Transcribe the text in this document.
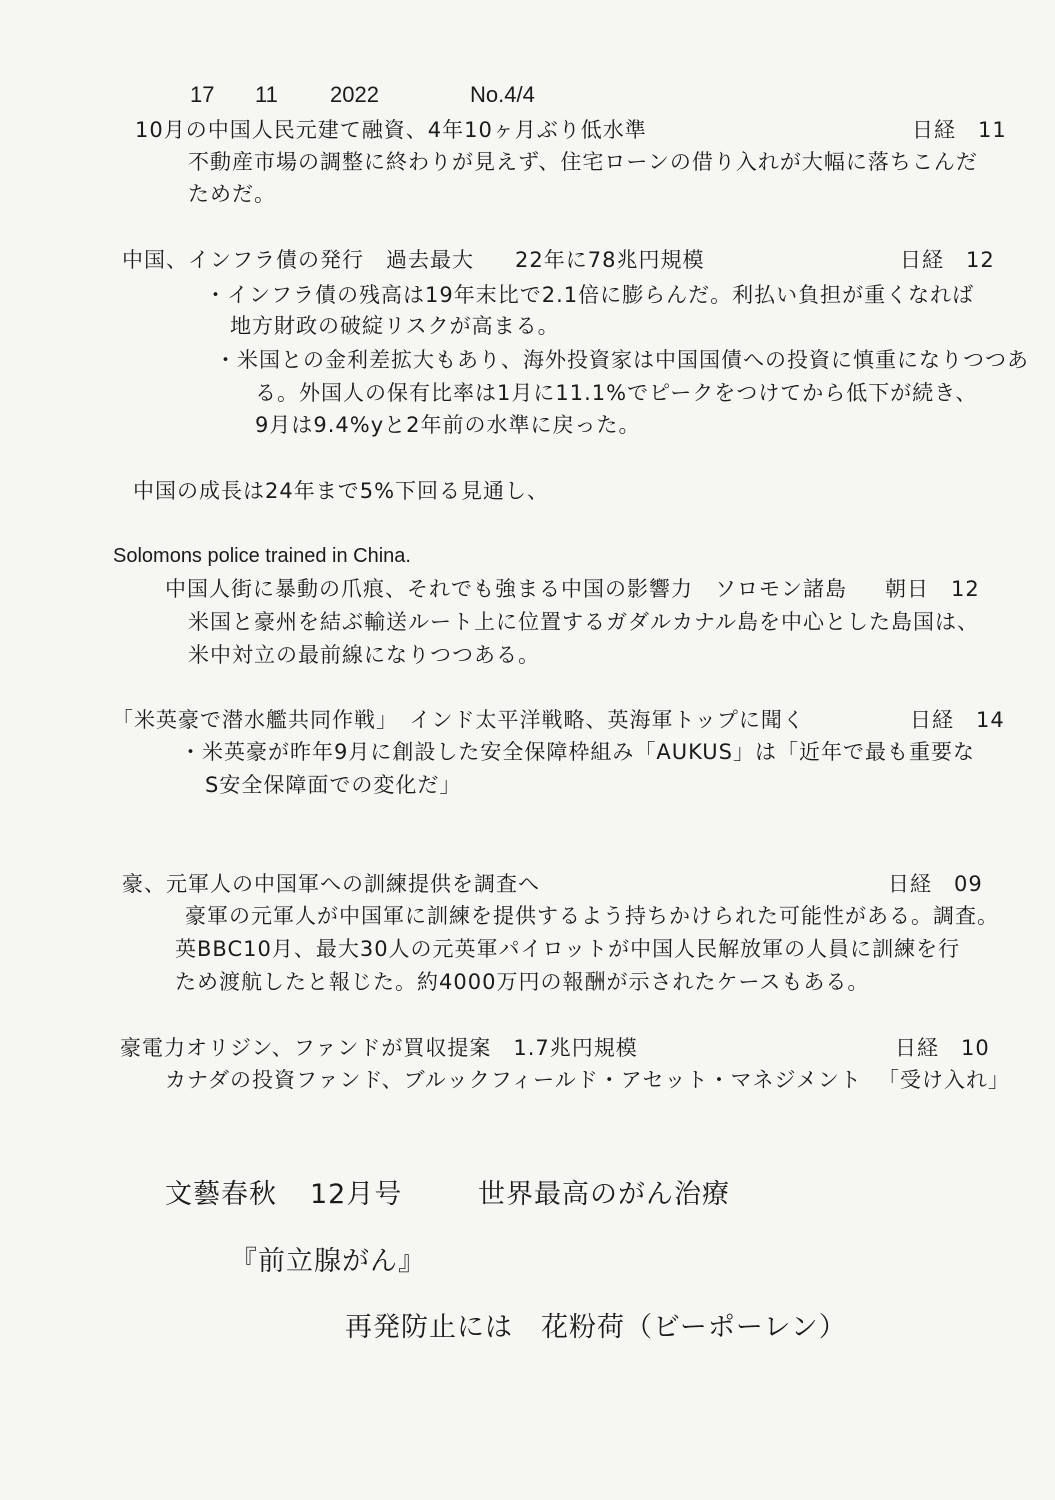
17 11 2022	No.4/4
10月の中国人民元建て融資、4年10ヶ月ぶり低水準	日経　11
不動産市場の調整に終わりが見えず、住宅ローンの借り入れが大幅に落ちこんだ
ためだ。
中国、インフラ債の発行　過去最大 22年に78兆円規模	日経　12
・インフラ債の残高は19年末比で2.1倍に膨らんだ。利払い負担が重くなれば
地方財政の破綻リスクが高まる。
・米国との金利差拡大もあり、海外投資家は中国国債への投資に慎重になりつつあ
る。外国人の保有比率は1月に11.1%でピークをつけてから低下が続き、
9月は9.4%yと2年前の水準に戻った。
中国の成長は24年まで5%下回る見通し、
Solomons police trained in China.
中国人街に暴動の爪痕、それでも強まる中国の影響力　ソロモン諸島 朝日　12
米国と豪州を結ぶ輸送ルート上に位置するガダルカナル島を中心とした島国は、
米中対立の最前線になりつつある。
「米英豪で潜水艦共同作戦」　インド太平洋戦略、英海軍トップに聞く	日経　14
・米英豪が昨年9月に創設した安全保障枠組み「AUKUS」は「近年で最も重要な
S安全保障面での変化だ」
豪、元軍人の中国軍への訓練提供を調査へ	日経　09
豪軍の元軍人が中国軍に訓練を提供するよう持ちかけられた可能性がある。調査。
英BBC10月、最大30人の元英軍パイロットが中国人民解放軍の人員に訓練を行
ため渡航したと報じた。約4000万円の報酬が示されたケースもある。
豪電力オリジン、ファンドが買収提案　1.7兆円規模	日経　10
カナダの投資ファンド、ブルックフィールド・アセット・マネジメント 「受け入れ」
文藝春秋 12月号	世界最高のがん治療
『前立腺がん』
再発防止には　花粉荷（ビーポーレン）
